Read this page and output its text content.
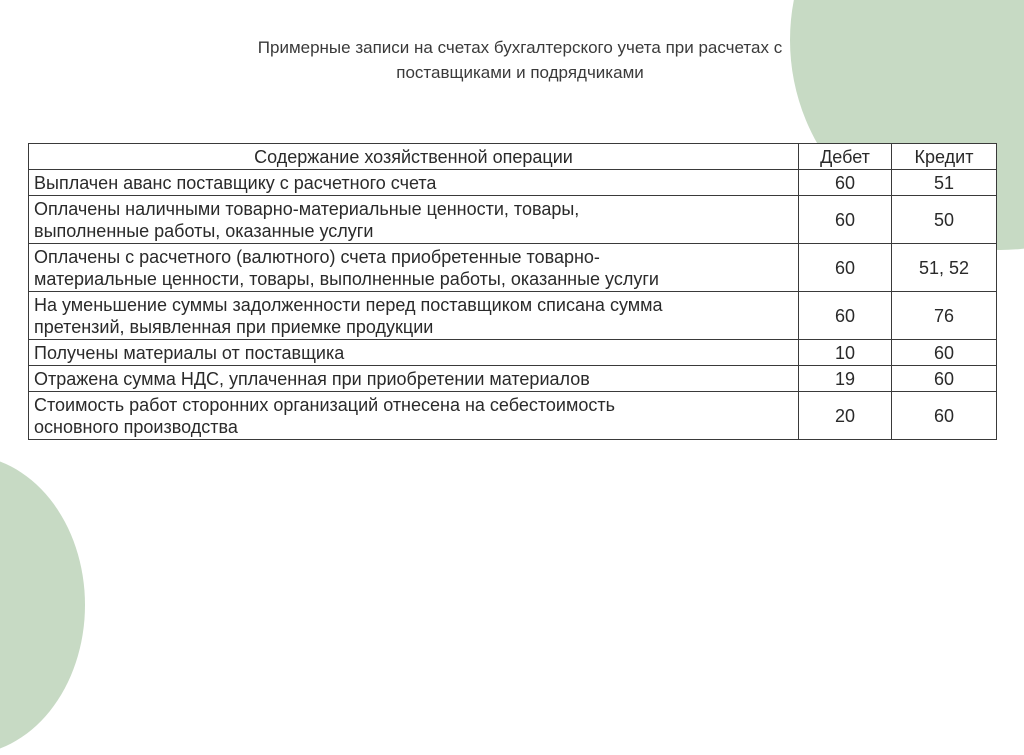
Примерные записи на счетах бухгалтерского учета при расчетах с
поставщиками и подрядчиками
Содержание хозяйственной операции	Дебет	Кредит

Выплачен аванс поставщику с расчетного счета	60	51

Оплачены наличными товарно-материальные ценности, товары,
выполненные работы, оказанные услуги	60	50

Оплачены с расчетного (валютного) счета приобретенные товарно-
материальные ценности, товары, выполненные работы, оказанные услуги	60	51, 52

На уменьшение суммы задолженности перед поставщиком списана сумма
претензий, выявленная при приемке продукции	60	76

Получены материалы от поставщика	10	60

Отражена сумма НДС, уплаченная при приобретении материалов	19	60

Стоимость работ сторонних организаций отнесена на себестоимость
основного производства	20	60
